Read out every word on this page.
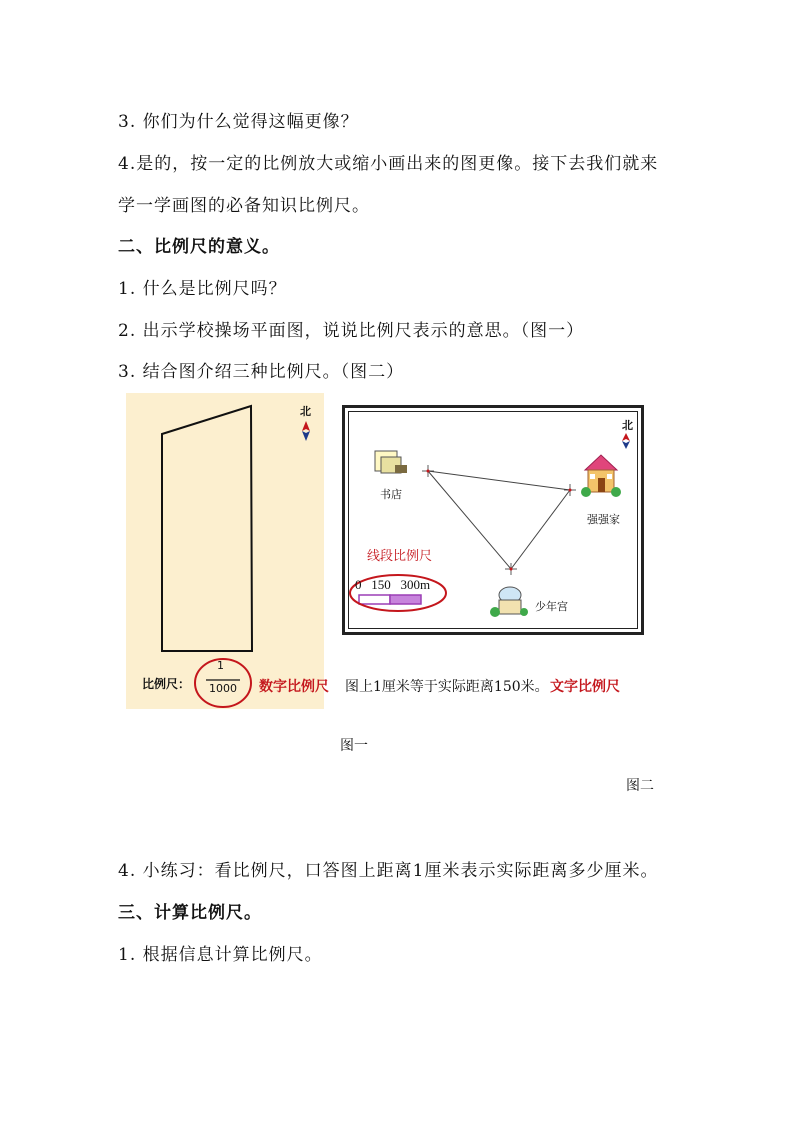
3. 你们为什么觉得这幅更像？
4.是的，按一定的比例放大或缩小画出来的图更像。接下去我们就来
学一学画图的必备知识比例尺。
二、比例尺的意义。
1. 什么是比例尺吗？
2. 出示学校操场平面图，说说比例尺表示的意思。（图一）
3. 结合图介绍三种比例尺。（图二）
北
比例尺：
1
1000 数字比例尺 图上1厘米等于实际距离150米。 文字比例尺
北
书店
强强家
少年宫
线段比例尺
0   150   300m
图一
图二
4. 小练习：看比例尺，口答图上距离1厘米表示实际距离多少厘米。
三、计算比例尺。
1. 根据信息计算比例尺。
